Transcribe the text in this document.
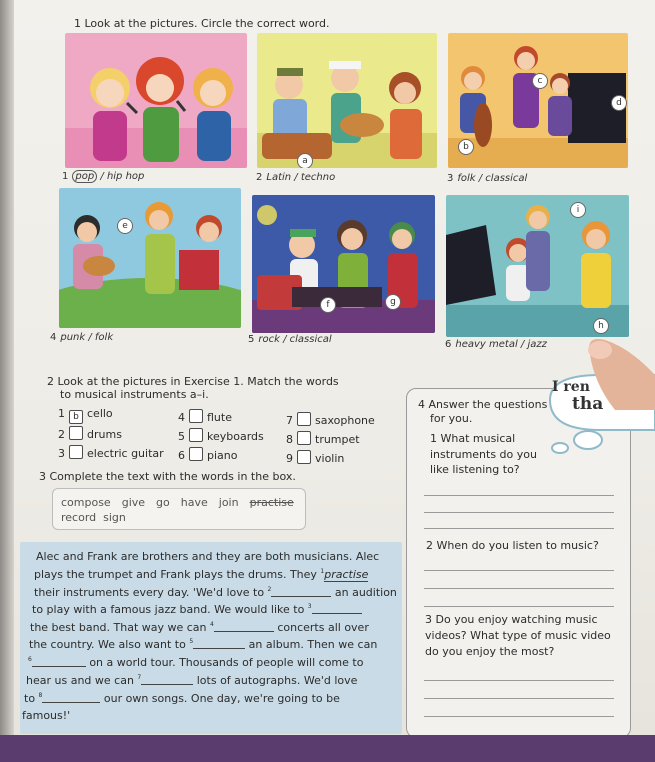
1 Look at the pictures. Circle the correct word.
a
c
d
b
1 pop / hip hop	2 Latin / techno	3 folk / classical
e
f	g
i
h
4 punk / folk	5 rock / classical	6 heavy metal / jazz
2 Look at the pictures in Exercise 1. Match the words
to musical instruments a–i.
1 b cello
2 drums
3 electric guitar
4 flute
5 keyboards
6 piano
7 saxophone
8 trumpet
9 violin
3 Complete the text with the words in the box.
compose give go have join practise
record sign
Alec and Frank are brothers and they are both musicians. Alec
plays the trumpet and Frank plays the drums. They $^1$practise
their instruments every day. 'We'd love to $^2$	an audition
to play with a famous jazz band. We would like to $^3$
the best band. That way we can $^4$	concerts all over
the country. We also want to $^5$	an album. Then we can
$^6$	on a world tour. Thousands of people will come to
hear us and we can $^7$	lots of autographs. We'd love
to $^8$	our own songs. One day, we're going to be
famous!'
4 Answer the questions
for you.
1 What musical
instruments do you
like listening to?
2 When do you listen to music?
3 Do you enjoy watching music
videos? What type of music video
do you enjoy the most?
I ren
tha
